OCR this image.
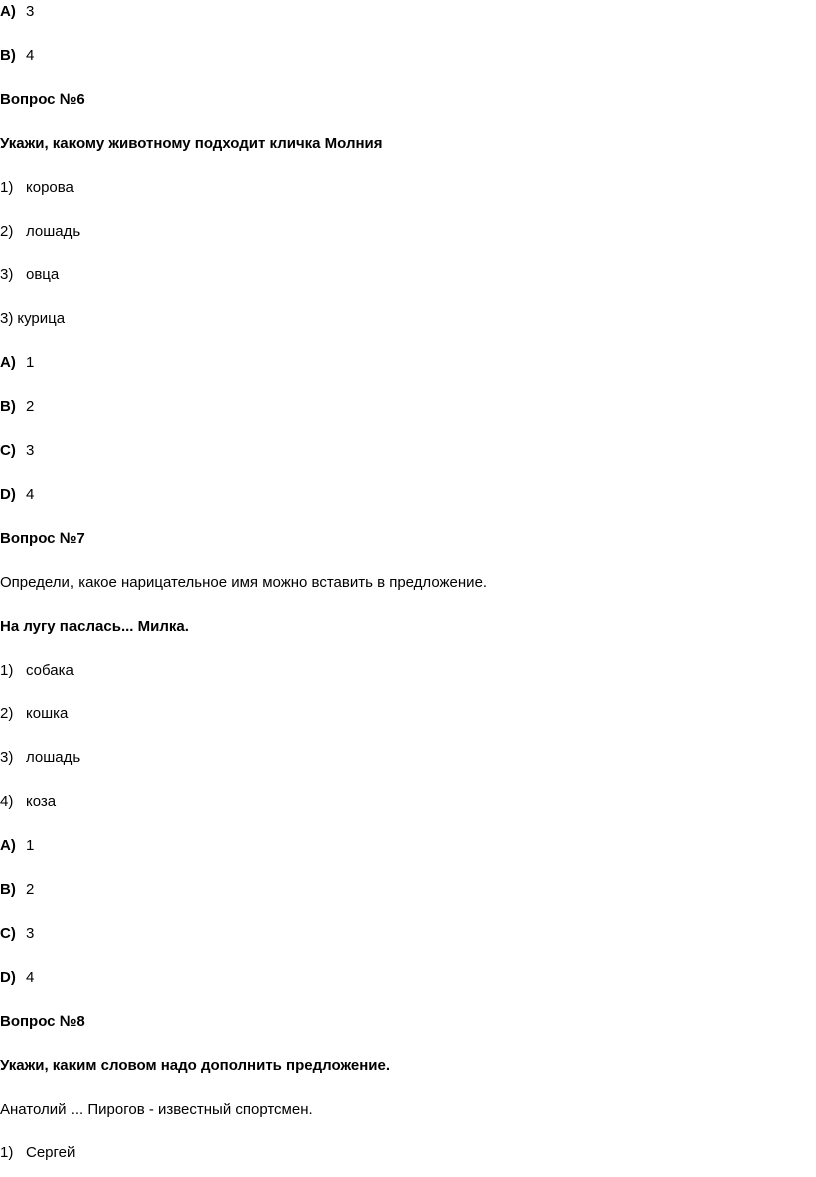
A) 3
B) 4
Вопрос №6
Укажи, какому животному подходит кличка Молния
1) корова
2) лошадь
3) овца
3) курица
A) 1
B) 2
C) 3
D) 4
Вопрос №7
Определи, какое нарицательное имя можно вставить в предложение.
На лугу паслась... Милка.
1) собака
2) кошка
3) лошадь
4) коза
A) 1
B) 2
C) 3
D) 4
Вопрос №8
Укажи, каким словом надо дополнить предложение.
Анатолий ... Пирогов - известный спортсмен.
1) Сергей
